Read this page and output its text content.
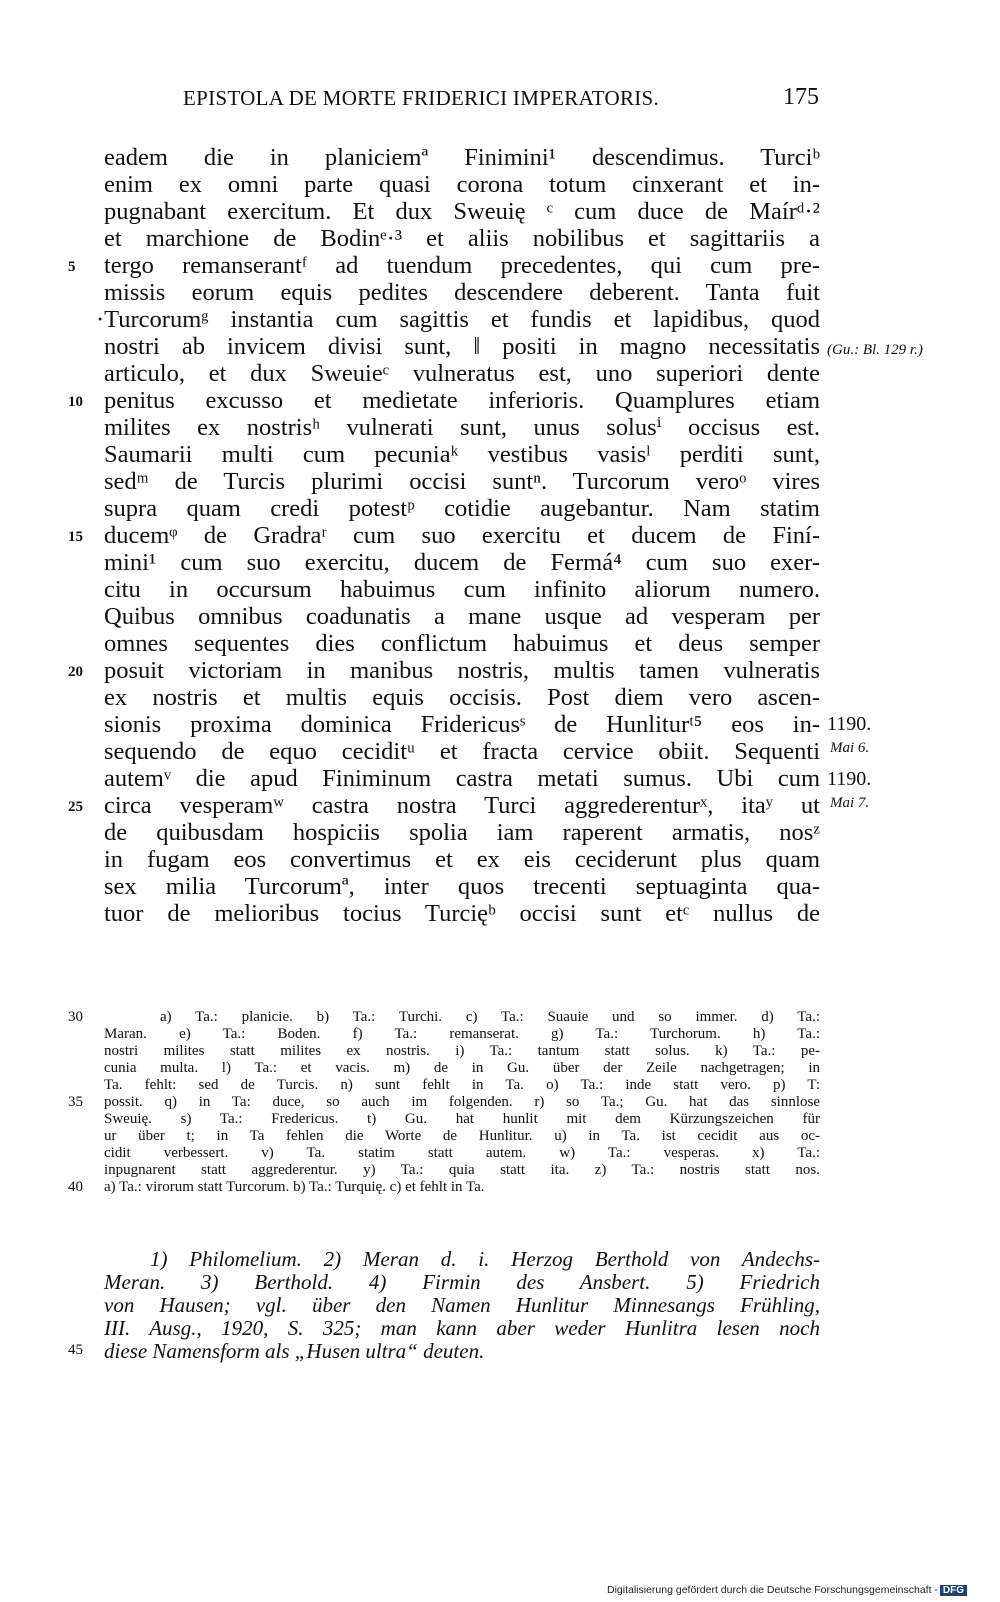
EPISTOLA DE MORTE FRIDERICI IMPERATORIS.	175
eadem die in planiciemª Finimini¹ descendimus. Turciᵇ
enim ex omni parte quasi corona totum cinxerant et in-
pugnabant exercitum. Et dux Sweuię ᶜ cum duce de Maírᵈ·²
et marchione de Bodinᵉ·³ et aliis nobilibus et sagittariis a
tergo remanserantᶠ ad tuendum precedentes, qui cum pre-
missis eorum equis pedites descendere deberent. Tanta fuit
·Turcorumᵍ instantia cum sagittis et fundis et lapidibus, quod
nostri ab invicem divisi sunt, ‖ positi in magno necessitatis
articulo, et dux Sweuieᶜ vulneratus est, uno superiori dente
penitus excusso et medietate inferioris. Quamplures etiam
milites ex nostrisʰ vulnerati sunt, unus solusⁱ occisus est.
Saumarii multi cum pecuniaᵏ vestibus vasisˡ perditi sunt,
sedᵐ de Turcis plurimi occisi suntⁿ. Turcorum veroᵒ vires
supra quam credi potestᵖ cotidie augebantur. Nam statim
ducemᵠ de Gradraʳ cum suo exercitu et ducem de Finí-
mini¹ cum suo exercitu, ducem de Fermá⁴ cum suo exer-
citu in occursum habuimus cum infinito aliorum numero.
Quibus omnibus coadunatis a mane usque ad vesperam per
omnes sequentes dies conflictum habuimus et deus semper
posuit victoriam in manibus nostris, multis tamen vulneratis
ex nostris et multis equis occisis. Post diem vero ascen-
sionis proxima dominica Fridericusˢ de Hunliturᵗ⁵ eos in-
sequendo de equo ceciditᵘ et fracta cervice obiit. Sequenti
autemᵛ die apud Finiminum castra metati sumus. Ubi cum
circa vesperamʷ castra nostra Turci aggrederenturˣ, itaʸ ut
de quibusdam hospiciis spolia iam raperent armatis, nosᶻ
in fugam eos convertimus et ex eis ceciderunt plus quam
sex milia Turcorumª, inter quos trecenti septuaginta qua-
tuor de melioribus tocius Turcięᵇ occisi sunt etᶜ nullus de
5
10
15
20
25
(Gu.: Bl. 129 r.)
1190.
Mai 6.
1190.
Mai 7.
a) Ta.: planicie. b) Ta.: Turchi. c) Ta.: Suauie und so immer. d) Ta.:
Maran. e) Ta.: Boden. f) Ta.: remanserat. g) Ta.: Turchorum. h) Ta.:
nostri milites statt milites ex nostris. i) Ta.: tantum statt solus. k) Ta.: pe-
cunia multa. l) Ta.: et vacis. m) de in Gu. über der Zeile nachgetragen; in
Ta. fehlt: sed de Turcis. n) sunt fehlt in Ta. o) Ta.: inde statt vero. p) T:
possit. q) in Ta: duce, so auch im folgenden. r) so Ta.; Gu. hat das sinnlose
Sweuię. s) Ta.: Fredericus. t) Gu. hat hunlit mit dem Kürzungszeichen für
ur über t; in Ta fehlen die Worte de Hunlitur. u) in Ta. ist cecidit aus oc-
cidit verbessert. v) Ta. statim statt autem. w) Ta.: vesperas. x) Ta.:
inpugnarent statt aggrederentur. y) Ta.: quia statt ita. z) Ta.: nostris statt nos.
a) Ta.: virorum statt Turcorum. b) Ta.: Turquię. c) et fehlt in Ta.
30
35
40
1) Philomelium. 2) Meran d. i. Herzog Berthold von Andechs-
Meran. 3) Berthold. 4) Firmin des Ansbert. 5) Friedrich
von Hausen; vgl. über den Namen Hunlitur Minnesangs Frühling,
III. Ausg., 1920, S. 325; man kann aber weder Hunlitra lesen noch
diese Namensform als „Husen ultra“ deuten.
45
Digitalisierung gefördert durch die Deutsche Forschungsgemeinschaft - DFG
